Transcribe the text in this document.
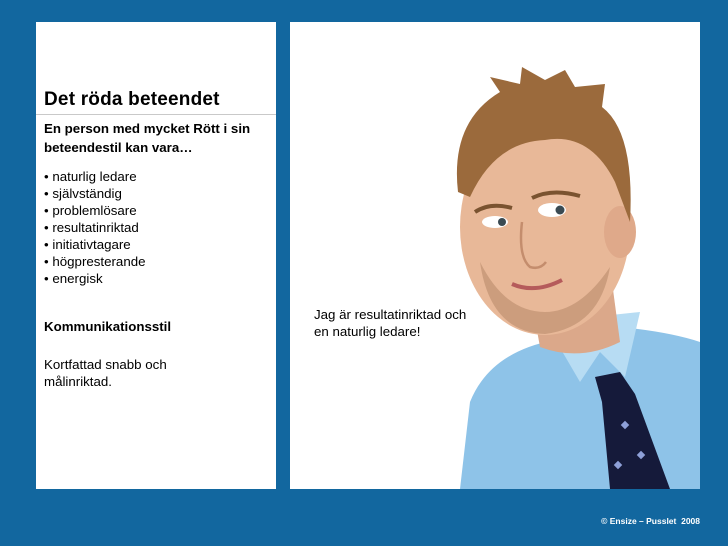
Det röda beteendet
En person med mycket Rött i sin beteendestil kan vara…
• naturlig ledare
• självständig
• problemlösare
• resultatinriktad
• initiativtagare
• högpresterande
• energisk
Kommunikationsstil
Kortfattad snabb och målinriktad.
Jag är resultatinriktad och en naturlig ledare!
© Ensize – Pusslet  2008
